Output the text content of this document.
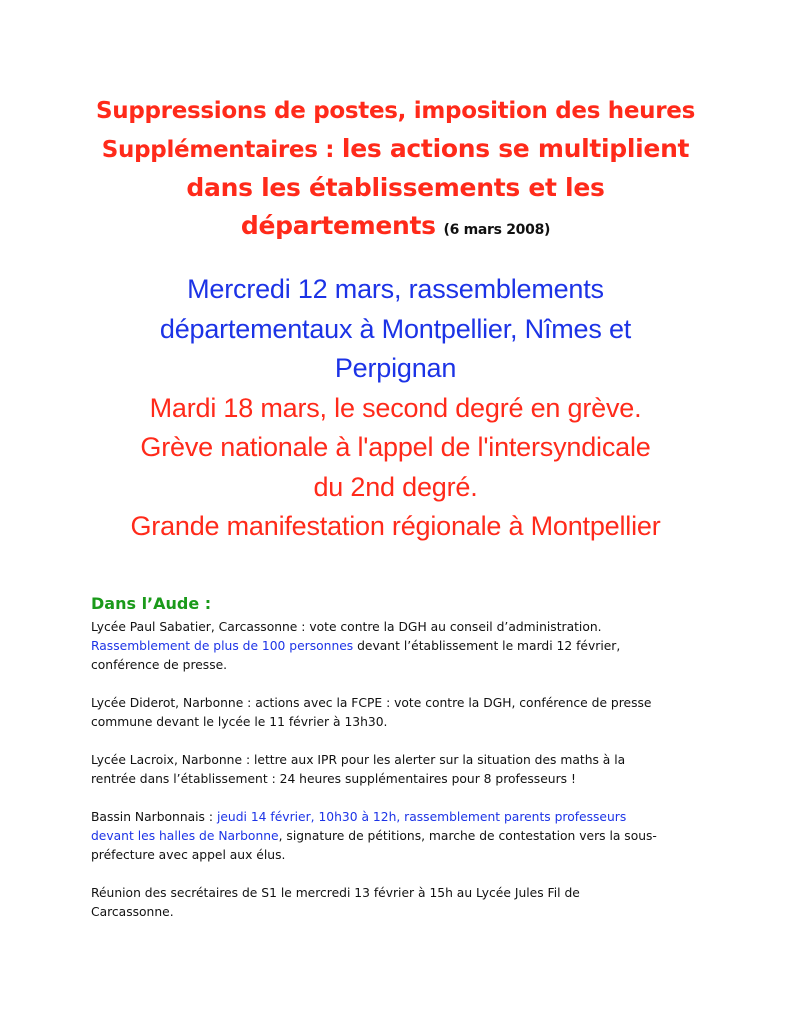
Suppressions de postes, imposition des heures
Supplémentaires : les actions se multiplient
dans les établissements et les
départements (6 mars 2008)
Mercredi 12 mars, rassemblements
départementaux à Montpellier, Nîmes et
Perpignan
Mardi 18 mars, le second degré en grève.
Grève nationale à l'appel de l'intersyndicale
du 2nd degré.
Grande manifestation régionale à Montpellier
Dans l’Aude :
Lycée Paul Sabatier, Carcassonne : vote contre la DGH au conseil d’administration.
Rassemblement de plus de 100 personnes devant l’établissement le mardi 12 février,
conférence de presse.
Lycée Diderot, Narbonne : actions avec la FCPE : vote contre la DGH, conférence de presse
commune devant le lycée le 11 février à 13h30.
Lycée Lacroix, Narbonne : lettre aux IPR pour les alerter sur la situation des maths à la
rentrée dans l’établissement : 24 heures supplémentaires pour 8 professeurs !
Bassin Narbonnais : jeudi 14 février, 10h30 à 12h, rassemblement parents professeurs
devant les halles de Narbonne, signature de pétitions, marche de contestation vers la sous-
préfecture avec appel aux élus.
Réunion des secrétaires de S1 le mercredi 13 février à 15h au Lycée Jules Fil de
Carcassonne.
